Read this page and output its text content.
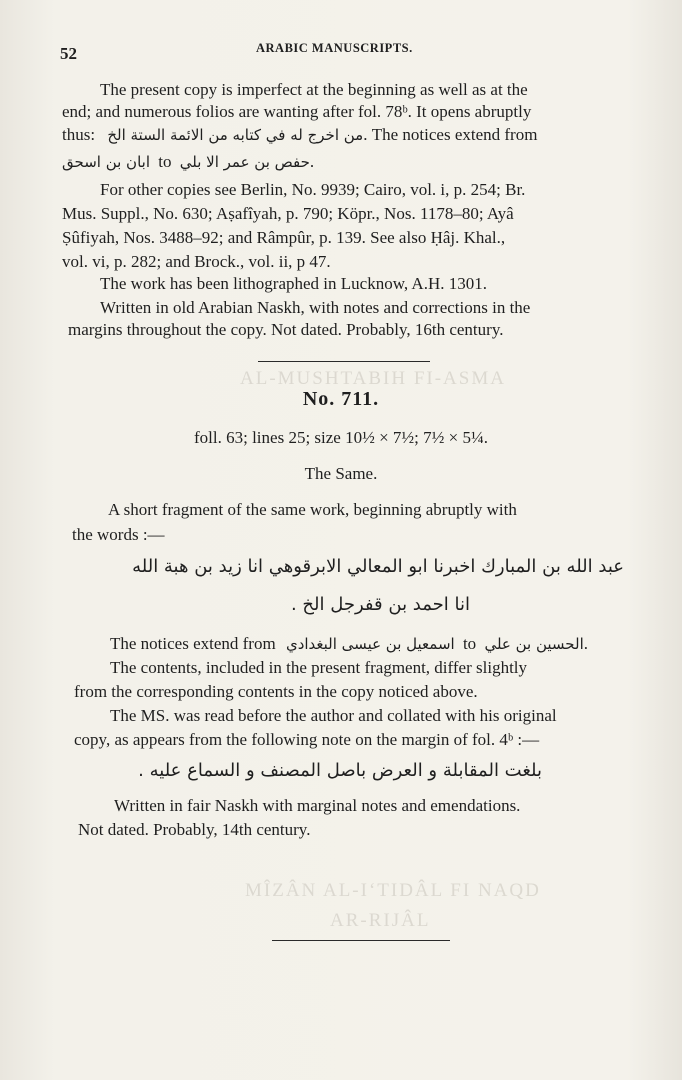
AL-MUSHTABIH FI-ASMA
MÎZÂN AL-I‘TIDÂL FI NAQD
AR-RIJÂL
52	ARABIC MANUSCRIPTS.
The present copy is imperfect at the beginning as well as at the
end; and numerous folios are wanting after fol. 78ᵇ. It opens abruptly
thus: من اخرج له في كتابه من الائمة الستة الخ. The notices extend from
ابان بن اسحق to حفص بن عمر الا بلي.
For other copies see Berlin, No. 9939; Cairo, vol. i, p. 254; Br.
Mus. Suppl., No. 630; Aṣafîyah, p. 790; Köpr., Nos. 1178–80; Ayâ
Ṣûfiyah, Nos. 3488–92; and Râmpûr, p. 139. See also Ḥâj. Khal.,
vol. vi, p. 282; and Brock., vol. ii, p 47.
The work has been lithographed in Lucknow, A.H. 1301.
Written in old Arabian Naskh, with notes and corrections in the
margins throughout the copy. Not dated. Probably, 16th century.
No. 711.
foll. 63; lines 25; size 10½ × 7½; 7½ × 5¼.
The Same.
A short fragment of the same work, beginning abruptly with
the words :—
عبد الله بن المبارك اخبرنا ابو المعالي الابرقوهي انا زيد بن هبة الله
انا احمد بن قفرجل الخ .
The notices extend from اسمعيل بن عيسى البغدادي to الحسين بن علي.
The contents, included in the present fragment, differ slightly
from the corresponding contents in the copy noticed above.
The MS. was read before the author and collated with his original
copy, as appears from the following note on the margin of fol. 4ᵇ :—
بلغت المقابلة و العرض باصل المصنف و السماع عليه .
Written in fair Naskh with marginal notes and emendations.
Not dated. Probably, 14th century.
